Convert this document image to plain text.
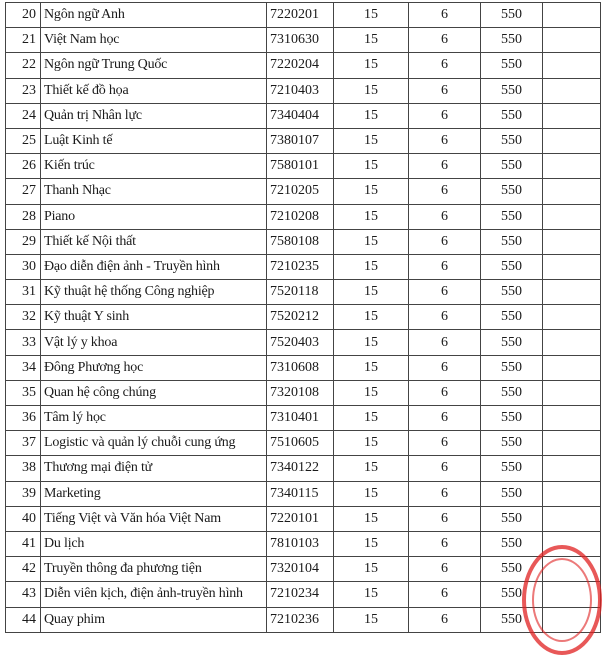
20	Ngôn ngữ Anh	7220201	15	6	550	
21	Việt Nam học	7310630	15	6	550	
22	Ngôn ngữ Trung Quốc	7220204	15	6	550	
23	Thiết kế đồ họa	7210403	15	6	550	
24	Quản trị Nhân lực	7340404	15	6	550	
25	Luật Kinh tế	7380107	15	6	550	
26	Kiến trúc	7580101	15	6	550	
27	Thanh Nhạc	7210205	15	6	550	
28	Piano	7210208	15	6	550	
29	Thiết kế Nội thất	7580108	15	6	550	
30	Đạo diễn điện ảnh - Truyền hình	7210235	15	6	550	
31	Kỹ thuật hệ thống Công nghiệp	7520118	15	6	550	
32	Kỹ thuật Y sinh	7520212	15	6	550	
33	Vật lý y khoa	7520403	15	6	550	
34	Đông Phương học	7310608	15	6	550	
35	Quan hệ công chúng	7320108	15	6	550	
36	Tâm lý học	7310401	15	6	550	
37	Logistic và quản lý chuỗi cung ứng	7510605	15	6	550	
38	Thương mại điện tử	7340122	15	6	550	
39	Marketing	7340115	15	6	550	
40	Tiếng Việt và Văn hóa Việt Nam	7220101	15	6	550	
41	Du lịch	7810103	15	6	550	
42	Truyền thông đa phương tiện	7320104	15	6	550	
43	Diễn viên kịch, điện ảnh-truyền hình	7210234	15	6	550	
44	Quay phim	7210236	15	6	550	
